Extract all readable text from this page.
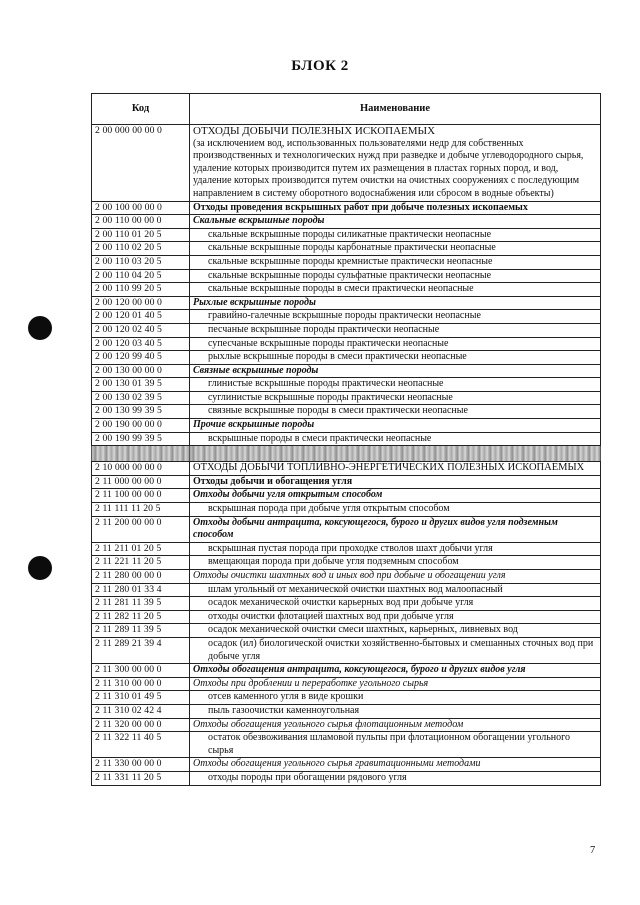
БЛОК 2
Код	Наименование
2 00 000 00 00 0	ОТХОДЫ ДОБЫЧИ ПОЛЕЗНЫХ ИСКОПАЕМЫХ
(за исключением вод, использованных пользователями недр для собственных производственных и технологических нужд при разведке и добыче углеводородного сырья, удаление которых производится путем их размещения в пластах горных пород, и вод, удаление которых производится путем очистки на очистных сооружениях с последующим направлением в систему оборотного водоснабжения или сбросом в водные объекты)

2 00 100 00 00 0	Отходы проведения вскрышных работ при добыче полезных ископаемых
2 00 110 00 00 0	Скальные вскрышные породы
2 00 110 01 20 5	скальные вскрышные породы силикатные практически неопасные
2 00 110 02 20 5	скальные вскрышные породы карбонатные практически неопасные
2 00 110 03 20 5	скальные вскрышные породы кремнистые практически неопасные
2 00 110 04 20 5	скальные вскрышные породы сульфатные практически неопасные
2 00 110 99 20 5	скальные вскрышные породы в смеси практически неопасные
2 00 120 00 00 0	Рыхлые вскрышные породы
2 00 120 01 40 5	гравийно-галечные вскрышные породы практически неопасные
2 00 120 02 40 5	песчаные вскрышные породы практически неопасные
2 00 120 03 40 5	супесчаные вскрышные породы практически неопасные
2 00 120 99 40 5	рыхлые вскрышные породы в смеси практически неопасные
2 00 130 00 00 0	Связные вскрышные породы
2 00 130 01 39 5	глинистые вскрышные породы практически неопасные
2 00 130 02 39 5	суглинистые вскрышные породы практически неопасные
2 00 130 99 39 5	связные вскрышные породы в смеси практически неопасные
2 00 190 00 00 0	Прочие вскрышные породы
2 00 190 99 39 5	вскрышные породы в смеси практически неопасные

2 10 000 00 00 0	ОТХОДЫ ДОБЫЧИ ТОПЛИВНО-ЭНЕРГЕТИЧЕСКИХ ПОЛЕЗНЫХ ИСКОПАЕМЫХ
2 11 000 00 00 0	Отходы добычи и обогащения угля
2 11 100 00 00 0	Отходы добычи угля открытым способом
2 11 111 11 20 5	вскрышная порода при добыче угля открытым способом
2 11 200 00 00 0	Отходы добычи антрацита, коксующегося, бурого и других видов угля подземным способом
2 11 211 01 20 5	вскрышная пустая порода при проходке стволов шахт добычи угля
2 11 221 11 20 5	вмещающая порода при добыче угля подземным способом
2 11 280 00 00 0	Отходы очистки шахтных вод и иных вод при добыче и обогащении угля
2 11 280 01 33 4	шлам угольный от механической очистки шахтных вод малоопасный
2 11 281 11 39 5	осадок механической очистки карьерных вод при добыче угля
2 11 282 11 20 5	отходы очистки флотацией шахтных вод при добыче угля
2 11 289 11 39 5	осадок механической очистки смеси шахтных, карьерных, ливневых вод
2 11 289 21 39 4	осадок (ил) биологической очистки хозяйственно-бытовых и смешанных сточных вод при добыче угля
2 11 300 00 00 0	Отходы обогащения антрацита, коксующегося, бурого и других видов угля
2 11 310 00 00 0	Отходы при дроблении и переработке угольного сырья
2 11 310 01 49 5	отсев каменного угля в виде крошки
2 11 310 02 42 4	пыль газоочистки каменноугольная
2 11 320 00 00 0	Отходы обогащения угольного сырья флотационным методом
2 11 322 11 40 5	остаток обезвоживания шламовой пульпы при флотационном обогащении угольного сырья
2 11 330 00 00 0	Отходы обогащения угольного сырья гравитационными методами
2 11 331 11 20 5	отходы породы при обогащении рядового угля
7
